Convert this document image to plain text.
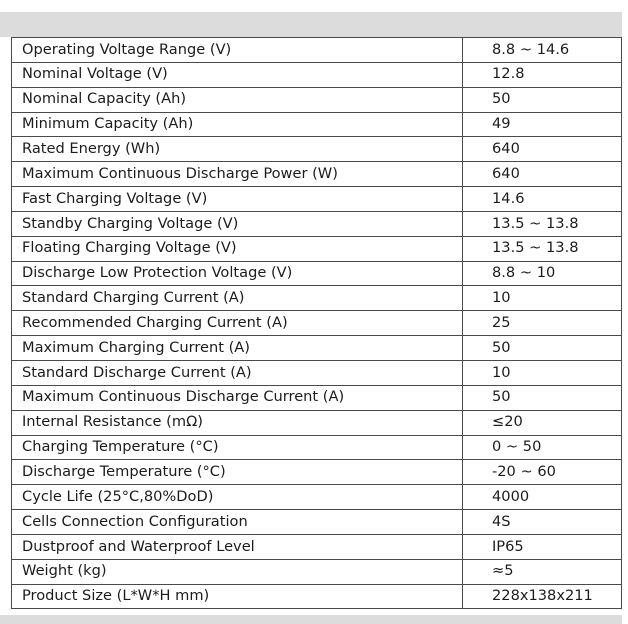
Operating Voltage Range (V)	8.8 ~ 14.6
Nominal Voltage (V)	12.8
Nominal Capacity (Ah)	50
Minimum Capacity (Ah)	49
Rated Energy (Wh)	640
Maximum Continuous Discharge Power (W)	640
Fast Charging Voltage (V)	14.6
Standby Charging Voltage (V)	13.5 ~ 13.8
Floating Charging Voltage (V)	13.5 ~ 13.8
Discharge Low Protection Voltage (V)	8.8 ~ 10
Standard Charging Current (A)	10
Recommended Charging Current (A)	25
Maximum Charging Current (A)	50
Standard Discharge Current (A)	10
Maximum Continuous Discharge Current (A)	50
Internal Resistance (mΩ)	≤20
Charging Temperature (°C)	0 ~ 50
Discharge Temperature (°C)	-20 ~ 60
Cycle Life (25°C,80%DoD)	4000
Cells Connection Configuration	4S
Dustproof and Waterproof Level	IP65
Weight (kg)	≈5
Product Size (L*W*H mm)	228x138x211
